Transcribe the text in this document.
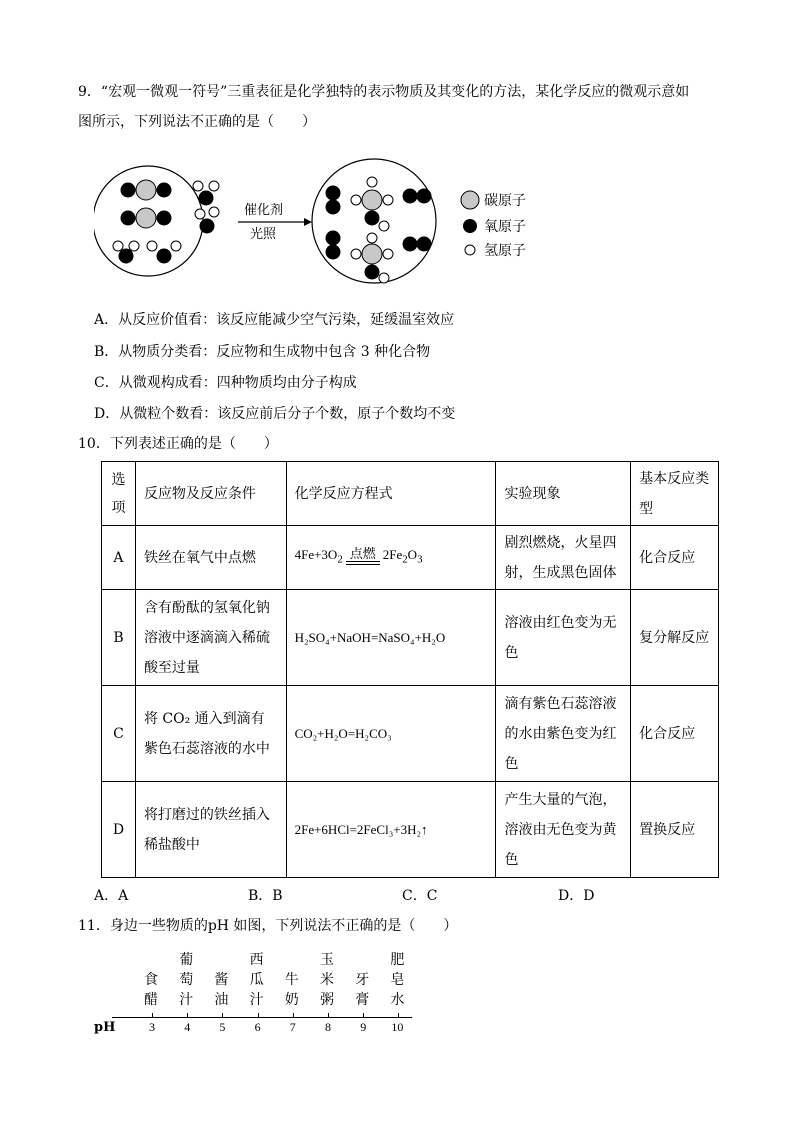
9．“宏观一微观一符号”三重表征是化学独特的表示物质及其变化的方法，某化学反应的微观示意如
图所示，下列说法不正确的是（　　）
催化剂
光照
碳原子
氧原子
氢原子
A．从反应价值看：该反应能减少空气污染，延缓温室效应
B．从物质分类看：反应物和生成物中包含 3 种化合物
C．从微观构成看：四种物质均由分子构成
D．从微粒个数看：该反应前后分子个数，原子个数均不变
10．下列表述正确的是（　　）
选项	反应物及反应条件	化学反应方程式	实验现象	基本反应类型

A	铁丝在氧气中点燃	$4Fe+3O_2$ 点燃 $2Fe_2O_3$	剧烈燃烧，火星四射，生成黑色固体	化合反应
B	含有酚酞的氢氧化钠溶液中逐滴滴入稀硫酸至过量	H₂SO₄+NaOH=NaSO₄+H₂O	溶液由红色变为无色	复分解反应
C	将 CO₂ 通入到滴有紫色石蕊溶液的水中	CO₂+H₂O=H₂CO₃	滴有紫色石蕊溶液的水由紫色变为红色	化合反应
D	将打磨过的铁丝插入稀盐酸中	2Fe+6HCl=2FeCl₃+3H₂↑	产生大量的气泡，溶液由无色变为黄色	置换反应
A．A	B．B	C．C	D．D
11．身边一些物质的pH 如图，下列说法不正确的是（　　）
pH
食
醋
葡
萄
汁
酱
油
西
瓜
汁
牛
奶
玉
米
粥
牙
膏
肥
皂
水
3 4 5 6 7 8 9 10
